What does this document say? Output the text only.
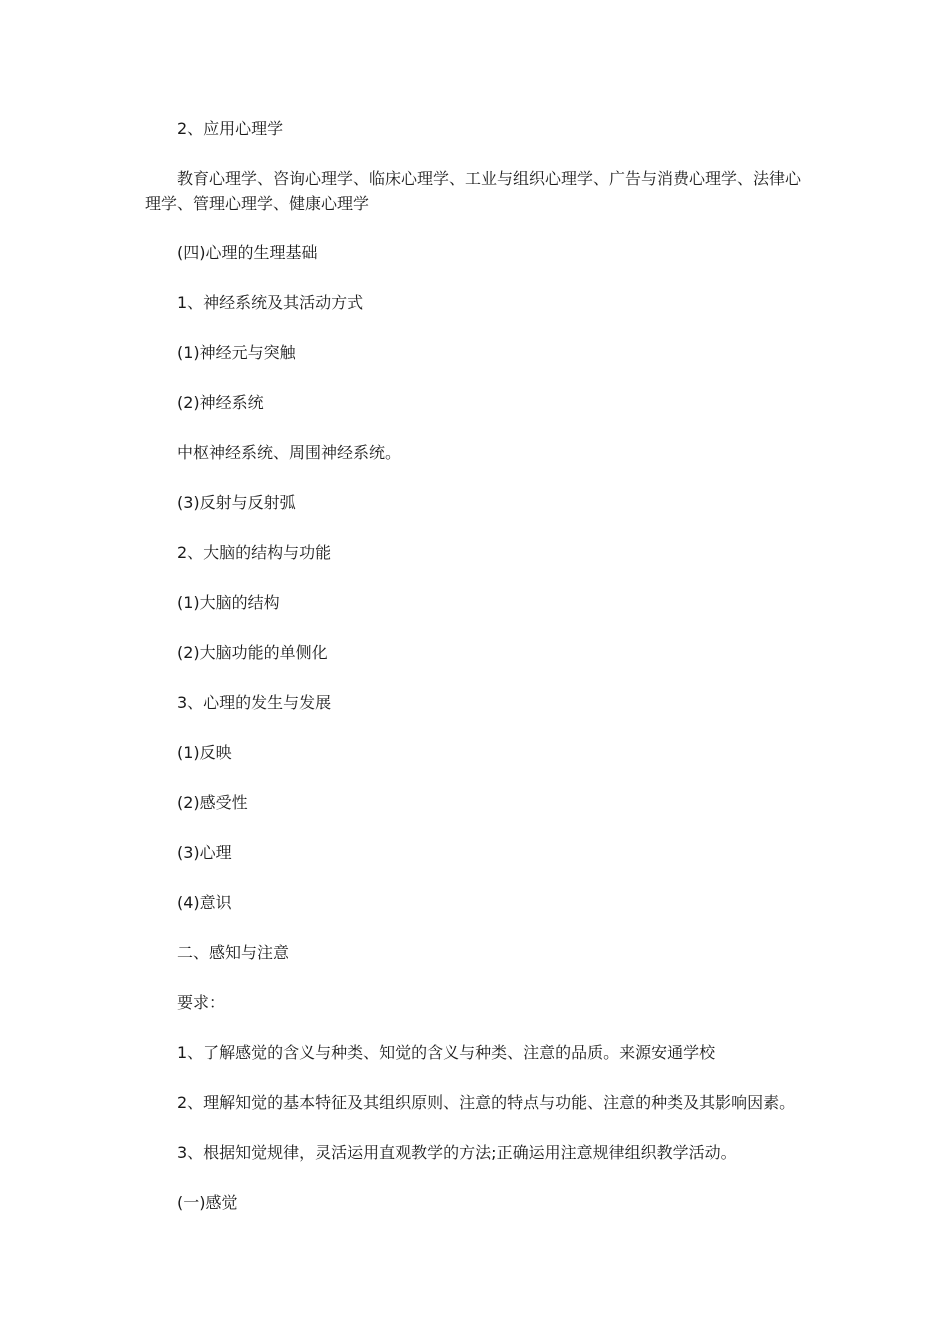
2、应用心理学

教育心理学、咨询心理学、临床心理学、工业与组织心理学、广告与消费心理学、法律心理学、管理心理学、健康心理学

(四)心理的生理基础

1、神经系统及其活动方式

(1)神经元与突触

(2)神经系统

中枢神经系统、周围神经系统。

(3)反射与反射弧

2、大脑的结构与功能

(1)大脑的结构

(2)大脑功能的单侧化

3、心理的发生与发展

(1)反映

(2)感受性

(3)心理

(4)意识

二、感知与注意

要求：

1、了解感觉的含义与种类、知觉的含义与种类、注意的品质。来源安通学校

2、理解知觉的基本特征及其组织原则、注意的特点与功能、注意的种类及其影响因素。

3、根据知觉规律，灵活运用直观教学的方法;正确运用注意规律组织教学活动。

(一)感觉
